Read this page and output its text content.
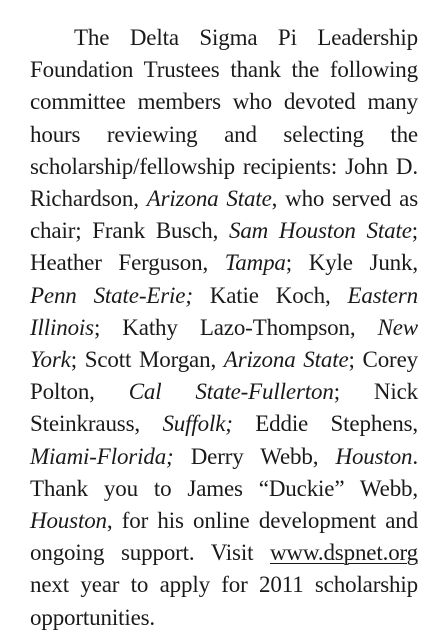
The Delta Sigma Pi Leadership Foundation Trustees thank the following committee members who devoted many hours reviewing and selecting the scholarship/fellowship recipients: John D. Richardson, Arizona State, who served as chair; Frank Busch, Sam Houston State; Heather Ferguson, Tampa; Kyle Junk, Penn State-Erie; Katie Koch, Eastern Illinois; Kathy Lazo-Thompson, New York; Scott Morgan, Arizona State; Corey Polton, Cal State-Fullerton; Nick Steinkrauss, Suffolk; Eddie Stephens, Miami-Florida; Derry Webb, Houston. Thank you to James “Duckie” Webb, Houston, for his online development and ongoing support. Visit www.dspnet.org next year to apply for 2011 scholarship opportunities.
